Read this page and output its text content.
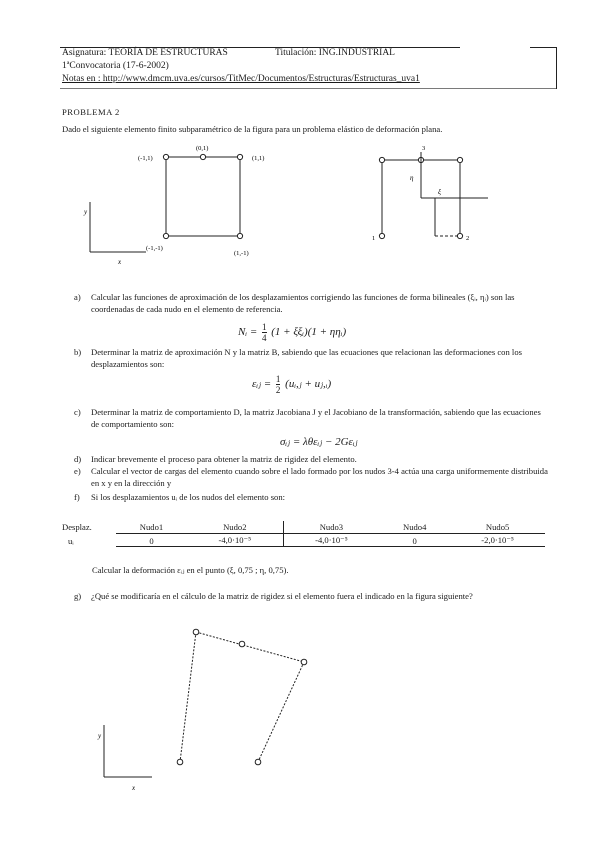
Asignatura: TEORÍA DE ESTRUCTURAS	Titulación: ING.INDUSTRIAL
1ªConvocatoria (17-6-2002)
Notas en : http://www.dmcm.uva.es/cursos/TitMec/Documentos/Estructuras/Estructuras_uva1
PROBLEMA 2
Dado el siguiente elemento finito subparamétrico de la figura para un problema elástico de deformación plana.
(-1,1)
(0,1)
(1,1)
(-1,-1)
(1,-1)
y
x
η
ξ
1	2
3
a) Calcular las funciones de aproximación de los desplazamientos corrigiendo las funciones de forma bilineales (ξᵢ, ηᵢ) son las coordenadas de cada nudo en el elemento de referencia.
Nᵢ = $\frac{1}{4} (1$ + ξξᵢ)(1 + ηηᵢ)
b) Determinar la matriz de aproximación N y la matriz B, sabiendo que las ecuaciones que relacionan las deformaciones con los desplazamientos son:
εᵢⱼ = $\frac{1}{2}$ (uᵢ,ⱼ + uⱼ,ᵢ)
c) Determinar la matriz de comportamiento D, la matriz Jacobiana J y el Jacobiano de la transformación, sabiendo que las ecuaciones de comportamiento son:
σᵢⱼ = λθεᵢⱼ − 2Gεᵢⱼ
d) Indicar brevemente el proceso para obtener la matriz de rigidez del elemento.
e) Calcular el vector de cargas del elemento cuando sobre el lado formado por los nudos 3-4 actúa una carga uniformemente distribuida en x y en la dirección y
f) Si los desplazamientos uᵢ de los nudos del elemento son:
Desplaz.	Nudo1	Nudo2	Nudo3	Nudo4	Nudo5
uᵢ	0	-4,0·10⁻⁵	-4,0·10⁻⁵	0	-2,0·10⁻⁵
Calcular la deformación εᵢⱼ en el punto (ξ, 0,75 ; η, 0,75).
g) ¿Qué se modificaría en el cálculo de la matriz de rigidez si el elemento fuera el indicado en la figura siguiente?
y
x
